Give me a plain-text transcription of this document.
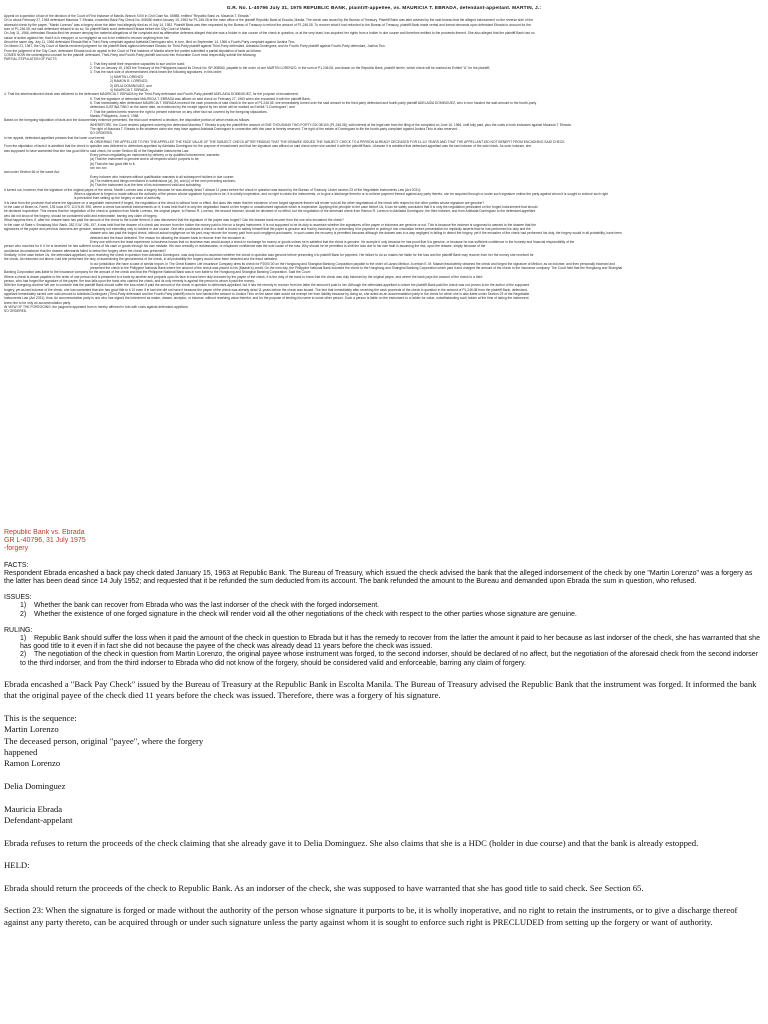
G.R. No. L-40796 July 31, 1975 REPUBLIC BANK, plaintiff-appellee, vs. MAURICIA T. EBRADA, defendant-appellant. MARTIN, J.:

Appeal on a question of law of the decision of the Court of First Instance of Manila, Branch XXIII in Civil Case No. 65988, entitled "Republic Bank vs. Mauricia T. Ebrada."

On or about February 27, 1963 defendant Mauricia T. Ebrada, encashed Back Pay Check No. 508060 dated January 15, 1963 for P1,246.08 at the main office of the plaintiff Republic Bank at Escolta, Manila. The check was issued by the Bureau of Treasury. Plaintiff Bank was later advised by the said bureau that the alleged indorsement on the reverse side of the

aforesaid check by the payee, "Martin Lorenzo" was a forgery since the latter had allegedly died as of July 14, 1952. Plaintiff Bank was then requested by the Bureau of Treasury to refund the amount of P1,246.08. To recover what it had refunded to the Bureau of Treasury, plaintiff Bank made verbal and formal demands upon defendant Ebrada to account for the

sum of P1,246.08, but said defendant refused to do so. So plaintiff Bank sued defendant Ebrada before the City Court of Manila.

On July 11, 1966, defendant Ebrada filed her answer denying the material allegations of the complaint and as affirmative defenses alleged that she was a holder in due course of the check in question, or at the very least, has acquired her rights from a holder in due course and therefore entitled to the proceeds thereof. She also alleged that the plaintiff Bank has no

cause of action against her; that it is in estoppel, or so negligent as not to be entitled to recover anything from her.

About the same day, July 11, 1966 defendant Ebrada filed a Third-Party complaint against Adelaida Dominguez who, in turn, filed on September 14, 1966 a Fourth-Party complaint against Justina Tino.

On March 21, 1967, the City Court of Manila rendered judgment for the plaintiff Bank against defendant Ebrada; for Third-Party plaintiff against Third-Party defendant, Adelaida Dominguez; and for Fourth-Party plaintiff against Fourth-Party defendant, Justina Tino.

From the judgment of the City Court, defendant Ebrada took an appeal to the Court of First Instance of Manila where the parties submitted a partial stipulation of facts as follows:

COMES NOW the undersigned counsel for the plaintiff, defendant, Third-Party and Fourth-Party plaintiff and unto this Honorable Court most respectfully submit the following:

PARTIAL STIPULATION OF FACTS

1. That they admit their respective capacities to sue and be sued;

2. That on January 15, 1963 the Treasury of the Philippines issued its Check No. BP-508060, payable to the order of one MARTIN LORENZO, in the sum of P1,246.08, and drawn on the Republic Bank, plaintiff herein, which check will be marked as Exhibit "A" for the plaintiff;

3. That the back side of aforementioned check bears the following signatures, in this order:

1) MARTIN LORENZO

2) RAMON R. LORENZO;

3) DELIA DOMINGUEZ; and

4) MAURICIA T. EBRADA;

4. That the aforementioned check was delivered to the defendant MAURICIA T. EBRADA by the Third-Party defendant and Fourth-Party plaintiff ADELAIDA DOMINGUEZ, for the purpose of encashment;

5. That the signature of defendant MAURICIA T. EBRADA was affixed on said check on February 27, 1963 when she encashed it with the plaintiff Bank;

6. That immediately after defendant MAURICIA T. EBRADA received the cash proceeds of said check in the sum of P1,246.08, she immediately turned over the said amount to the third-party defendant and fourth-party plaintiff ADELAIDA DOMINGUEZ, who in turn handed the said amount to the fourth-party

defendant JUSTINA TINIO on the same date, as evidenced by the receipt signed by her which will be marked as Exhibit "1-Dominguez"; and

7. That the parties hereto reserve the right to present evidence on any other fact not covered by the foregoing stipulations.

Manila, Philippines, June 6, 1968.

Based on the foregoing stipulation of facts and the documentary evidence presented, the trial court rendered a decision, the dispositive portion of which reads as follows:

WHEREFORE, the Court renders judgment ordering the defendant Mauricia T. Ebrada to pay the plaintiff the amount of ONE THOUSAND TWO FORTY-SIX 08/100 (P1,246.08), with interest at the legal rate from the filing of the complaint on June 16, 1966, until fully paid, plus the costs in both instances against Mauricia T. Ebrada.

The right of Mauricia T. Ebrada to file whatever claim she may have against Adelaida Dominguez in connection with this case is hereby reserved. The right of the estate of Dominguez to file the fourth-party complaint against Justina Tinio is also reserved.

SO ORDERED.

In her appeal, defendant-appellant presses that the lower court erred:

IN ORDERING THE APPELLEE TO PAY THE APPELLEE THE FACE VALUE OF THE SUBJECT CHECK AFTER FINDING THAT THE DRAWEE ISSUED THE SUBJECT CHECK TO A PERSON ALREADY DECEASED FOR 11-1/2 YEARS AND THAT THE APPELLANT DID NOT BENEFIT FROM ENCASHING SAID CHECK.

From the stipulation of facts it is admitted that the check in question was delivered to defendant-appellant by Adelaida Dominguez for the purpose of encashment and that her signature was affixed on said check when she cashed it with the plaintiff Bank. Likewise it is admitted that defendant-appellant was the last indorser of the said check. As such indorser, she

was supposed to have warranted that she has good title to said check; for under Section 65 of the Negotiable Instruments Law:

Every person negotiating an instrument by delivery or by qualified indorsement, warrants:

(a) That the instrument is genuine and in all respects what it purports to be;

(b) That she has good title to it;

xxx xxx xxx

and under Section 66 of the same Act:

Every indorser who indorses without qualification warrants to all subsequent holders in due course:

(a) The matters and things mentioned in subdivisions (a), (b), and (c) of the next preceding sections;

(b) That the instrument is at the time of his indorsement valid and subsisting.

It turned out, however, that the signature of the original payee of the check, Martin Lorenzo was a forgery because he was already dead 7 almost 11 years before the check in question was issued by the Bureau of Treasury. Under section 23 of the Negotiable Instruments Law (Act 2031):

When a signature is forged or made without the authority of the person whose signature it purports to be, it is wholly inoperative, and no right to retain the instruments, or to give a discharge therefor or to enforce payment thereof against any party thereto, can be acquired through or under such signature unless the party against whom it is sought to enforce such right

is precluded from setting up the forgery or want of authority.

It is clear from the provision that where the signature on a negotiable instrument if forged, the negotiation of the check is without force or effect. But does this mean that the existence of one forged signature therein will render void all the other negotiations of the check with respect to the other parties whose signature are genuine?

In the case of Beam vs. Farrel, 135 Iowa 670, 113 N.W. 590, where a check has several indorsements on it, it was held that it is only the negotiation based on the forged or unauthorized signature which is inoperative. Applying this principle to the case before Us, it can be safely concluded that it is only the negotiation predicated on the forged indorsement that should

be declared inoperative. This means that the negotiation of the check in question from Martin Lorenzo, the original payee, to Ramon R. Lorenzo, the second indorser, should be declared of no effect, but the negotiation of the aforesaid check from Ramon R. Lorenzo to Adelaida Dominguez, the third indorser, and from Adelaida Dominguez to the defendant-appellant

who did not know of the forgery, should be considered valid and enforceable, barring any claim of forgery.

What happens then, if, after the drawee bank has paid the amount of the check to the holder thereof, it was discovered that the signature of the payee was forged? Can the drawee bank recover from the one who encashed the check?

In the case of State v. Broadway Mut. Bank, 282 S.W. 196, 197, it was held that the drawee of a check can recover from the holder the money paid to him on a forged instrument. It is not supposed to be its duty to ascertain whether the signatures of the payee or indorsers are genuine or not. This is because the indorser is supposed to warrant to the drawee that the

signatures of the payee and previous indorsers are genuine, warranty not extending only to holders in due course. One who purchases a check or draft is bound to satisfy himself that the paper is genuine and that by indorsing it or presenting it for payment or putting it into circulation before presentation he impliedly asserts that he has performed his duty and the

drawee who has paid the forged check, without actual negligence on his part, may recover the money paid from such negligent purchasers. In such cases the recovery is permitted because although the drawee was in a way negligent in failing to detect the forgery, yet if the encasher of the check had performed his duty, the forgery would in all probability, have been

detected and the fraud defeated. The reason for allowing the drawee bank to recover from the encasher is:

Every one with even the least experience in business knows that no business man would accept a check in exchange for money or goods unless he is satisfied that the check is genuine. He accepts it only because he has proof that it is genuine, or because he has sufficient confidence in the honesty and financial responsibility of the

person who vouches for it. If he is deceived he has suffered a loss of his cash or goods through his own mistake. His own credulity or recklessness, or misplaced confidence was the sole cause of the loss. Why should he be permitted to shift the loss due to his own fault in assuming the risk, upon the drawee, simply because of the

accidental circumstance that the drawee afterwards failed to detect the forgery when the check was presented?

Similarly, in the case before Us, the defendant-appellant, upon receiving the check in question from Adelaida Dominguez, was duty-bound to ascertain whether the check in question was genuine before presenting it to plaintiff Bank for payment. Her failure to do so makes her liable for the loss and the plaintiff Bank may recover from her the money she received for

the check. As reasoned out above, had she performed the duty of ascertaining the genuineness of the check, in all probability the forgery would have been detected and the fraud defeated.

In our jurisdiction We have a case of similar import. In The Great Eastern Life Insurance Company drew its check for P2000.00 on the Hongkong and Shanghai Banking Corporation payable to the order of Lazaro Melicor. A certain E. M. Maasin fraudulently obtained the check and forged the signature of Melicor, as an indorser, and then personally indorsed and

presented the check to the Philippine National Bank where the amount of the check was placed to his (Maasin's) credit. On the next day, the Philippine National Bank indorsed the check to the Hongkong and Shanghai Banking Corporation which paid it and charged the amount of the check to the insurance company. The Court held that the Hongkong and Shanghai

Banking Corporation was liable to the insurance company for the amount of the check and that the Philippine National Bank was in turn liable to the Hongkong and Shanghai Banking Corporation. Said the Court:

Where a check is drawn payable to the order of one person and is presented to a bank by another and purports upon its face to have been duly indorsed by the payee of the check, it is the duty of the bank to know that the check was duly indorsed by the original payee, and where the bank pays the amount of the check to a third

person, who has forged the signature of the payee, the loss falls upon the bank who cashed the check, and its only remedy is against the person to whom it paid the money.

With the foregoing doctrine We are to concede that the plaintiff Bank should suffer the loss when it paid the amount of the check in question to defendant-appellant, but it has the remedy to recover from the latter the amount it paid to her. Although the defendant-appellant to whom the plaintiff Bank paid the check was not proven to be the author of the supposed

forgery, yet as last indorser of the check, she has warranted that she has good title to it 10 even if in fact she did not have it because the payee of the check was already dead 11 years before the check was issued. The fact that immediately after receiving the cash proceeds of the check in question in the amount of P1,246.08 from the plaintiff Bank, defendant-

appellant immediately turned over said amount to Adelaida Dominguez (Third-Party defendant and the Fourth-Party plaintiff) who in turn handed the amount to Justina Tinio on the same date would not exempt her from liability because by doing so, she acted as an accommodation party in the check for which she is also liable under Section 29 of the Negotiable

Instruments Law (Act 2031), thus: An accommodation party is one who has signed the instrument as maker, drawer, acceptor, or indorser, without receiving value therefor, and for the purpose of lending his name to some other person. Such a person is liable on the instrument to a holder for value, notwithstanding such holder at the time of taking the instrument

knew him to be only an accommodation party.

IN VIEW OF THE FOREGOING, the judgment appealed from is hereby affirmed in toto with costs against defendant-appellant.

SO ORDERED.

Republic Bank vs. Ebrada

GR L-40796, 31 July 1975

-forgery

FACTS:

Respondent Ebrada encashed a back pay check dated January 15, 1963 at Republic Bank. The Bureau of Treasury, which issued the check advised the bank that the alleged indorsement of the check by one "Martin Lorenzo" was a forgery as the latter has been dead since 14 July 1952; and requested that it be refunded the sum deducted from its account. The bank refunded the amount to the Bureau and demanded upon Ebrada the sum in question, who refused.

ISSUES:

1) Whether the bank can recover from Ebrada who was the last indorser of the check with the forged indorsement.

2) Whether the existence of one forged signature in the check will render void all the other negotiations of the check with respect to the other parties whose signature are genuine.

RULING:

1) Republic Bank should suffer the loss when it paid the amount of the check in question to Ebrada but it has the remedy to recover from the latter the amount it paid to her because as last indorser of the check, she has warranted that she has good title to it even if in fact she did not because the payee of the check was already dead 11 years before the check was issued.

2) The negotiation of the check in question from Martin Lorenzo, the original payee whose instrument was forged, to the second indorser, should be declared of no affect, but the negotiation of the aforesaid check from the second indorser to the third indorser, and from the third indorser to Ebrada who did not know of the forgery, should be considered valid and enforceable, barring any claim of forgery.

Ebrada encashed a "Back Pay Check" issued by the Bureau of Treasury at the Republic Bank in Escolta Manila. The Bureau of Treasury advised the Republic Bank that the instrument was forged. It informed the bank that the original payee of the check died 11 years before the check was issued. Therefore, there was a forgery of his signature.

This is the sequence:

Martin Lorenzo

The deceased person, original "payee", where the forgery happened

Ramon Lorenzo

Delia Dominguez

Mauricia Ebrada

Defendant-appelant

Ebrada refuses to return the proceeds of the check claiming that she already gave it to Delia Dominguez. She also claims that she is a HDC (holder in due course) and that the bank is already estopped.

HELD:

Ebrada should return the proceeds of the check to Republic Bank. As an indorser of the check, she was supposed to have warranted that she has good title to said check. See Section 65.

Section 23: When the signature is forged or made without the authority of the person whose signature it purports to be, it is wholly inoperative, and no right to retain the instruments, or to give a discharge thereof against any party thereto, can be acquired through or under such signature unless the party against whom it is sought to enforce such right is PRECLUDED from setting up the forgery or want of authority.
